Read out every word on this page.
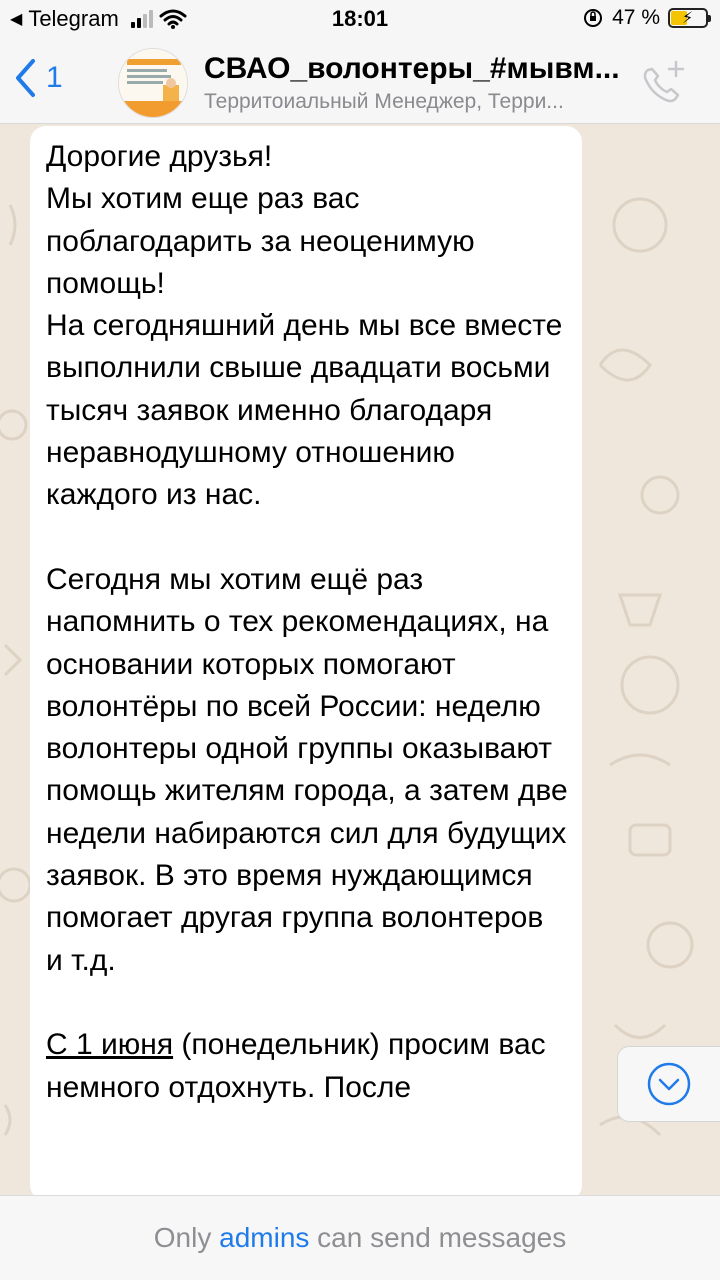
◀ Telegram	18:01	47 % ⚡
1	СВАО_волонтеры_#мывм...
Территоиальный Менеджер, Терри...
Дорогие друзья!
Мы хотим еще раз вас поблагодарить за неоценимую помощь!
На сегодняшний день мы все вместе выполнили свыше двадцати восьми тысяч заявок именно благодаря неравнодушному отношению каждого из нас.

Сегодня мы хотим ещё раз напомнить о тех рекомендациях, на основании которых помогают волонтёры по всей России: неделю волонтеры одной группы оказывают помощь жителям города, а затем две недели набираются сил для будущих заявок. В это время нуждающимся помогает другая группа волонтеров и т.д.

С 1 июня (понедельник) просим вас немного отдохнуть. После
Only admins can send messages
